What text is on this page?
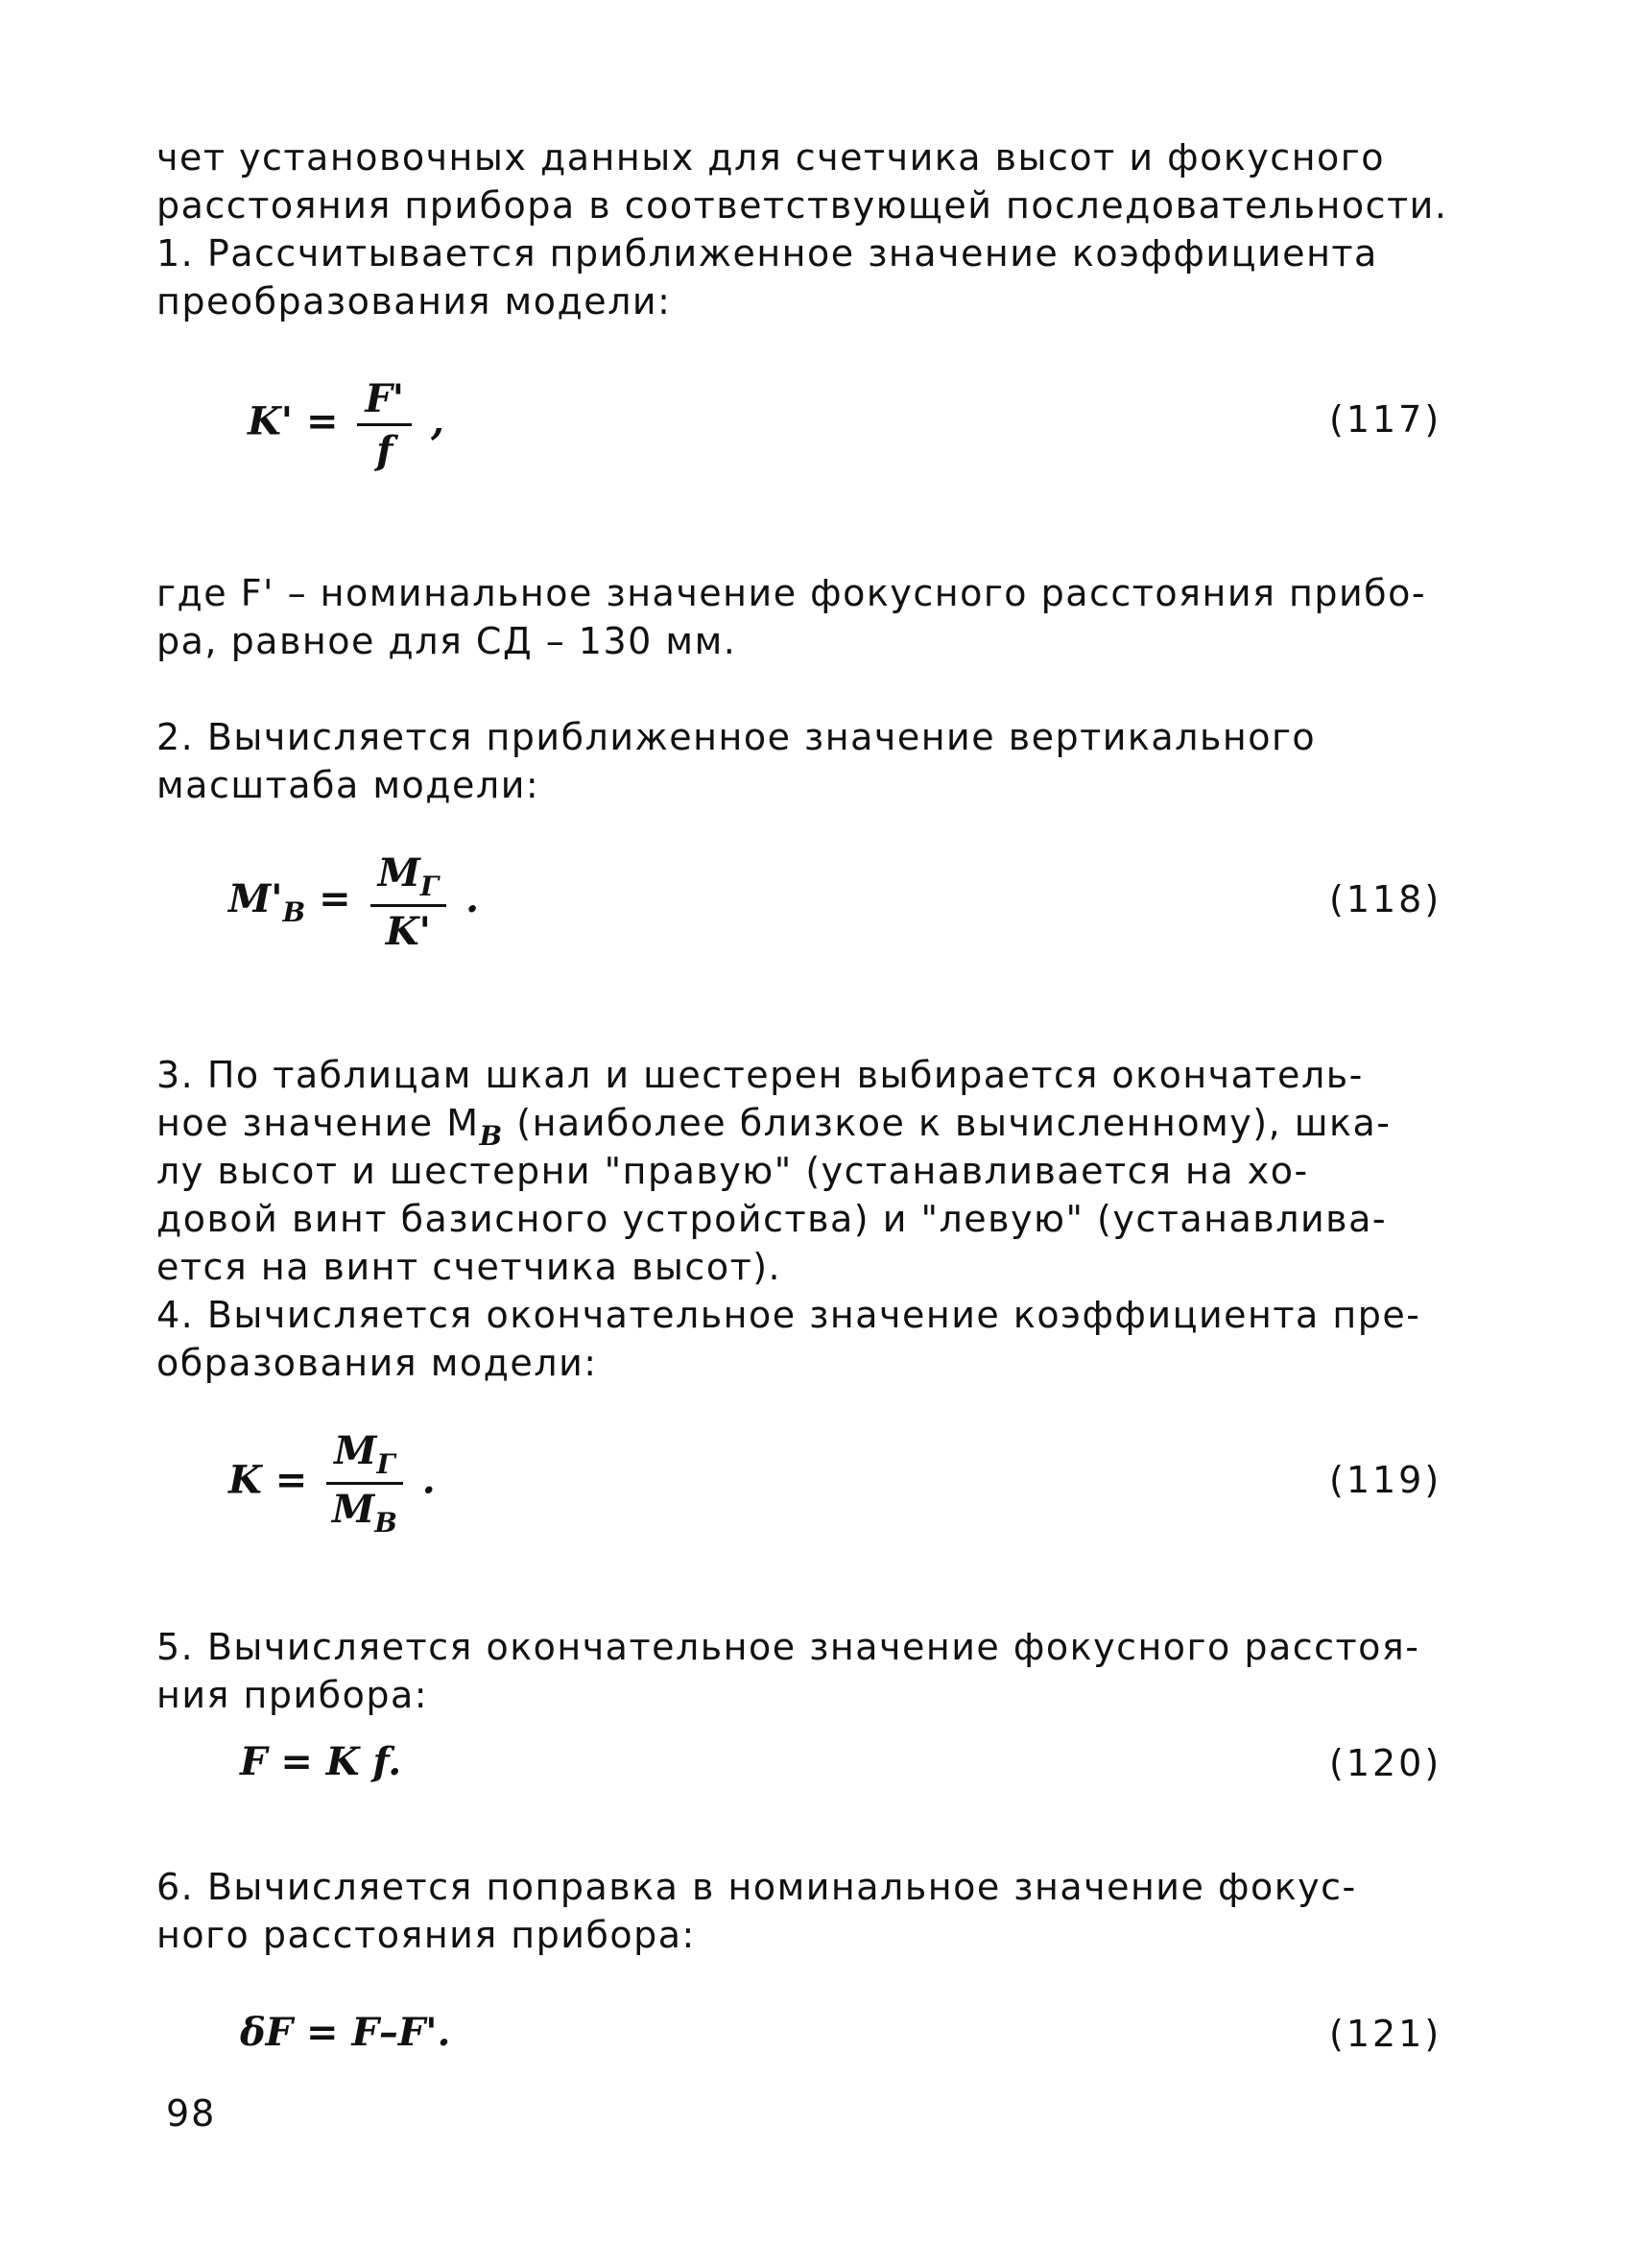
чет установочных данных для счетчика высот и фокусного
расстояния прибора в соответствующей последовательности.
1. Рассчитывается приближенное значение коэффициента
преобразования модели:
$K' = \frac{F'}{f}$ ,	(117)
где F' – номинальное значение фокусного расстояния прибо-
ра, равное для СД – 130 мм.
2. Вычисляется приближенное значение вертикального
масштаба модели:
$M'_B = \frac{M_Г}{K'}$ .	(118)
3. По таблицам шкал и шестерен выбирается окончатель-
ное значение $M_B$ (наиболее близкое к вычисленному), шка-
лу высот и шестерни "правую" (устанавливается на хо-
довой винт базисного устройства) и "левую" (устанавлива-
ется на винт счетчика высот).
4. Вычисляется окончательное значение коэффициента пре-
образования модели:
$K = \frac{M_Г}{M_B}$ .	(119)
5. Вычисляется окончательное значение фокусного расстоя-
ния прибора:
F = K f.	(120)
6. Вычисляется поправка в номинальное значение фокус-
ного расстояния прибора:
δF = F–F'.	(121)
98
